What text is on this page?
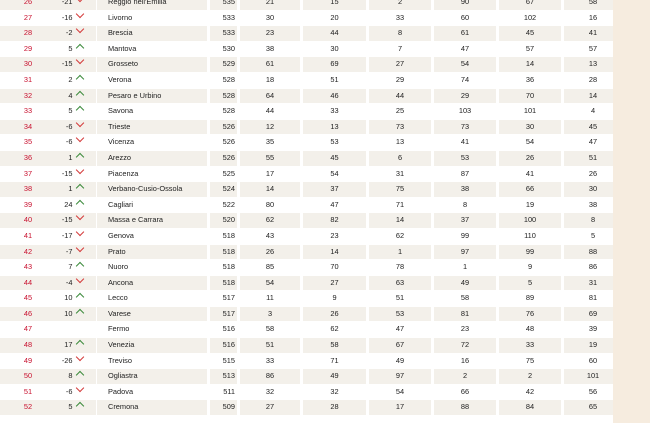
	26	-21	Reggio nell'Emilia	535	21	15	2	90	67	58
	27	-16	Livorno	533	30	20	33	60	102	16
	28	-2	Brescia	533	23	44	8	61	45	41
	29	5	Mantova	530	38	30	7	47	57	57
	30	-15	Grosseto	529	61	69	27	54	14	13
	31	2	Verona	528	18	51	29	74	36	28
	32	4	Pesaro e Urbino	528	64	46	44	29	70	14
	33	5	Savona	528	44	33	25	103	101	4
	34	-6	Trieste	526	12	13	73	73	30	45
	35	-6	Vicenza	526	35	53	13	41	54	47
	36	1	Arezzo	526	55	45	6	53	26	51
	37	-15	Piacenza	525	17	54	31	87	41	26
	38	1	Verbano-Cusio-Ossola	524	14	37	75	38	66	30
	39	24	Cagliari	522	80	47	71	8	19	38
	40	-15	Massa e Carrara	520	62	82	14	37	100	8
	41	-17	Genova	518	43	23	62	99	110	5
	42	-7	Prato	518	26	14	1	97	99	88
	43	7	Nuoro	518	85	70	78	1	9	86
	44	-4	Ancona	518	54	27	63	49	5	31
	45	10	Lecco	517	11	9	51	58	89	81
	46	10	Varese	517	3	26	53	81	76	69
	47		Fermo	516	58	62	47	23	48	39
	48	17	Venezia	516	51	58	67	72	33	19
	49	-26	Treviso	515	33	71	49	16	75	60
	50	8	Ogliastra	513	86	49	97	2	2	101
	51	-6	Padova	511	32	32	54	66	42	56
	52	5	Cremona	509	27	28	17	88	84	65
